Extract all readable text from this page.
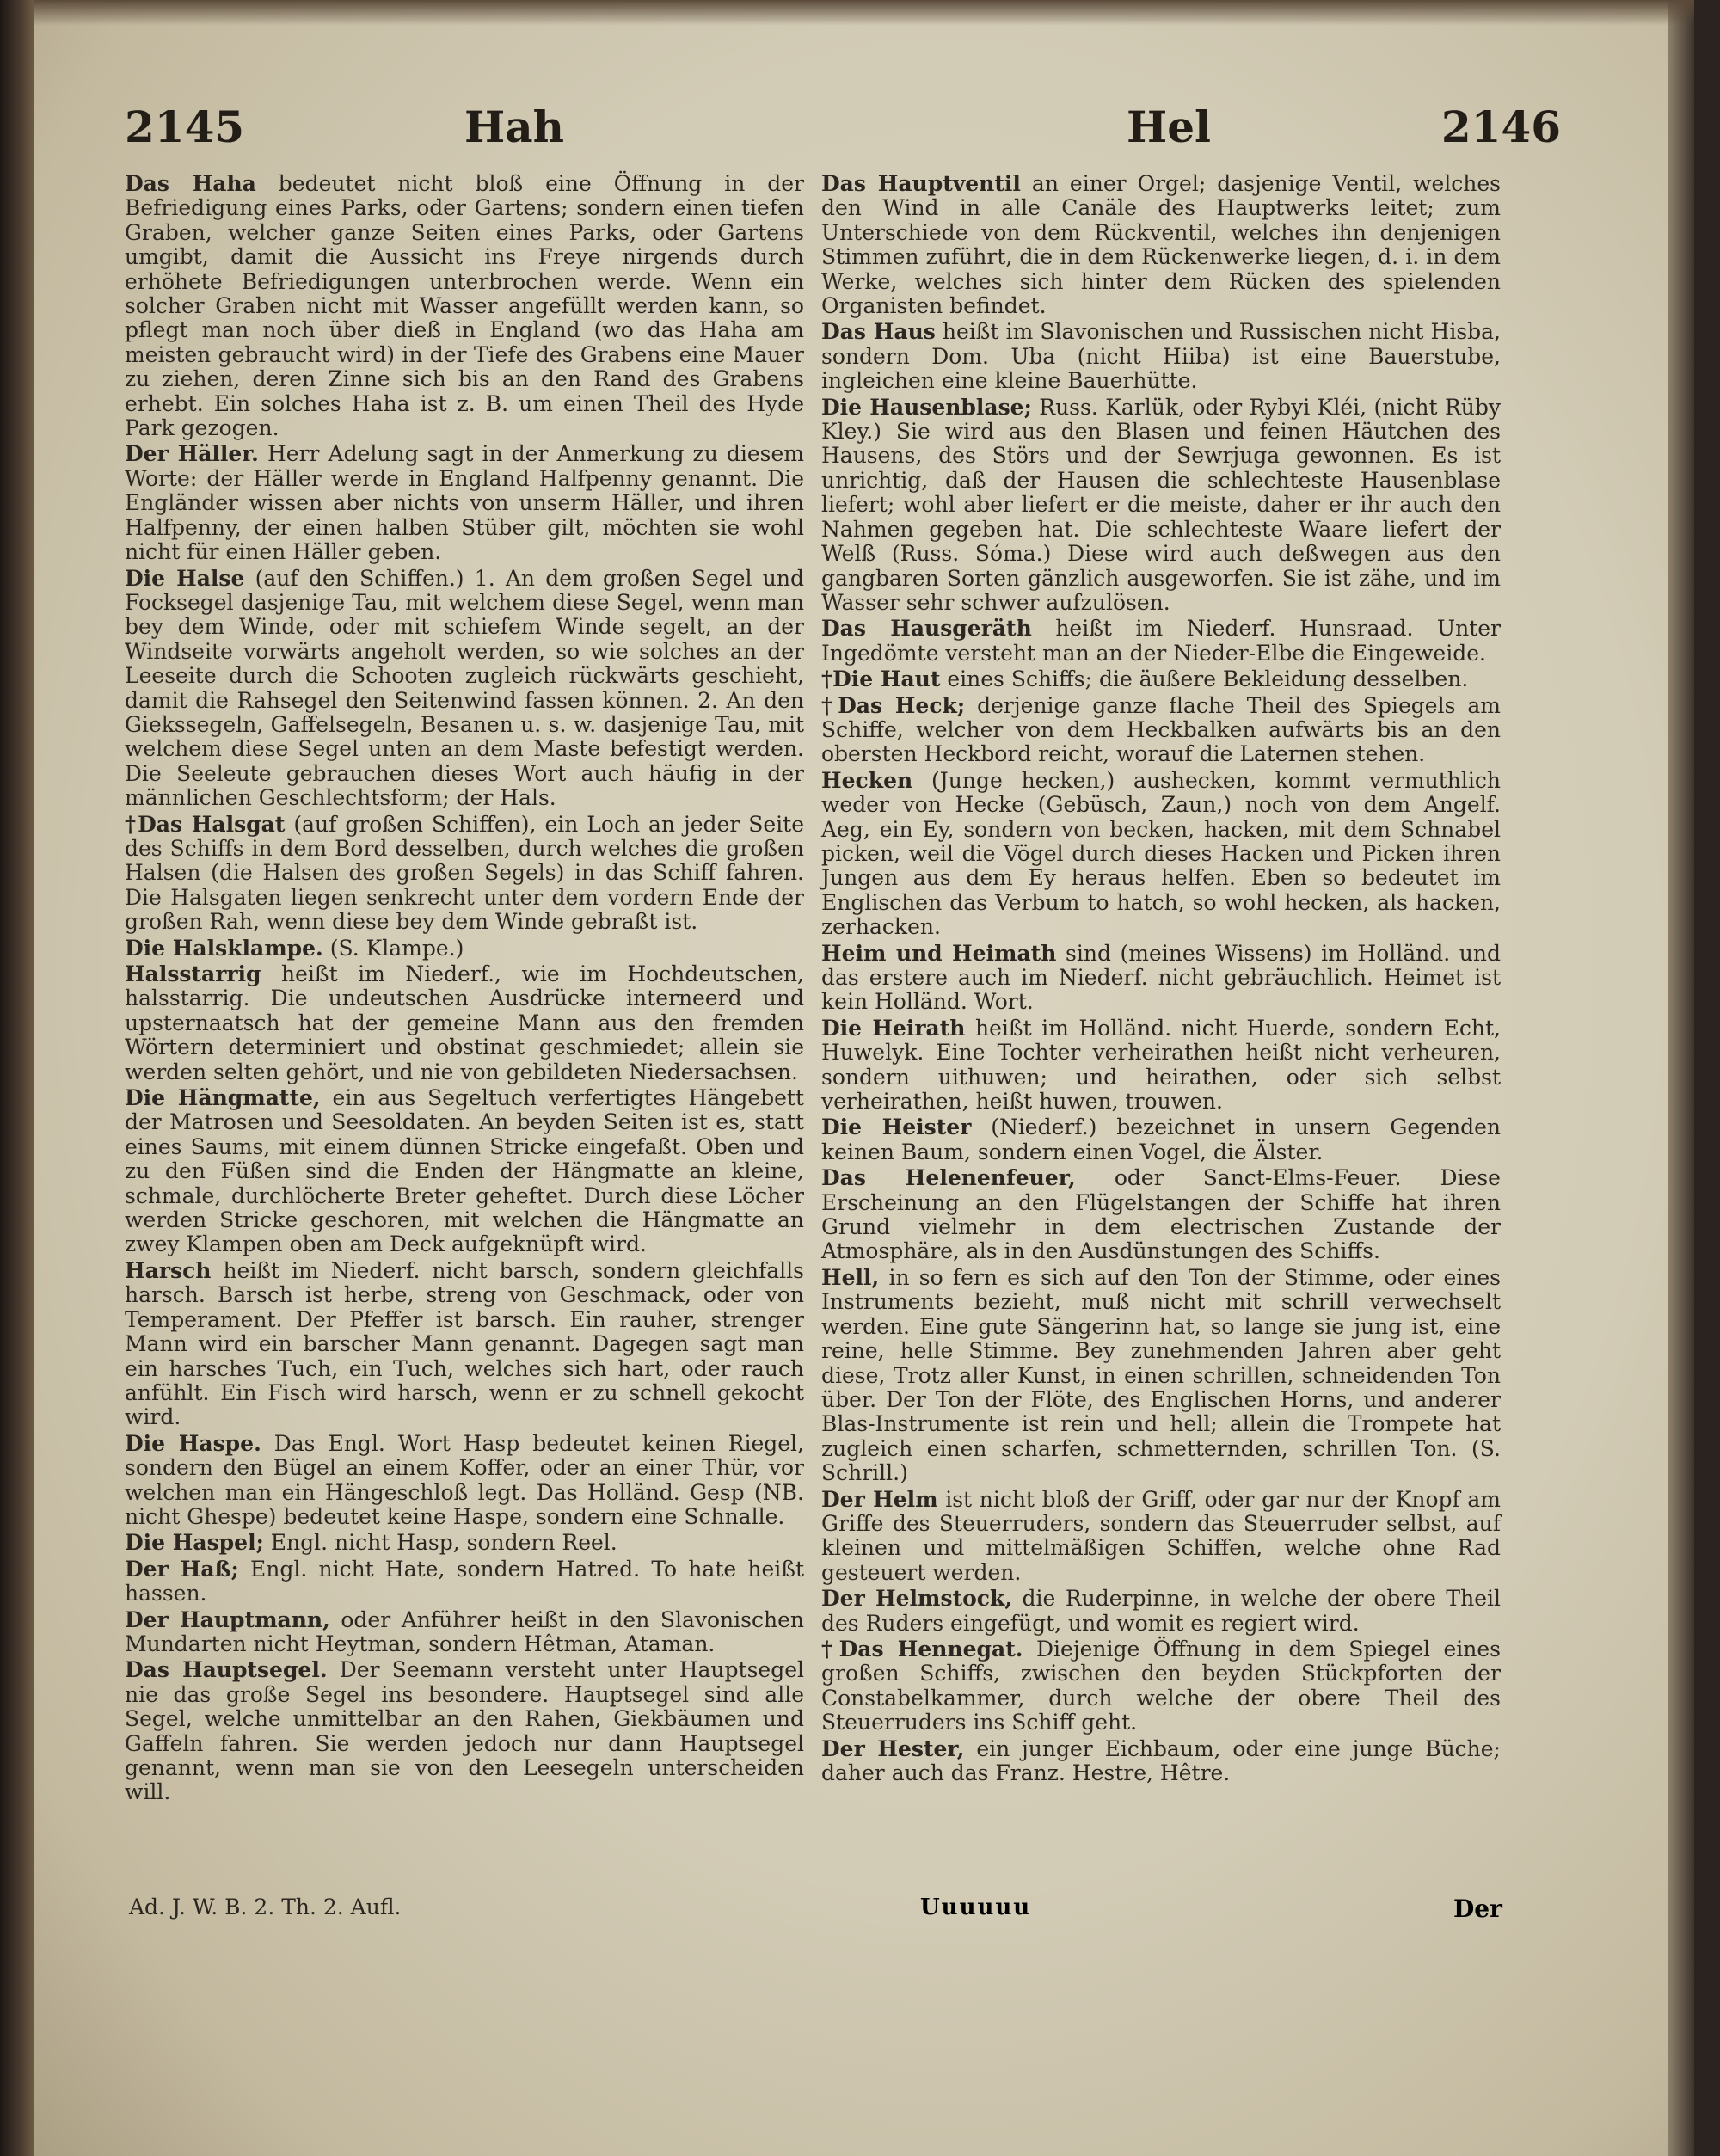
2145	Hah	Hel	2146

Das Haha bedeutet nicht bloß eine Öffnung in der Befriedigung eines Parks, oder Gartens; sondern einen tiefen Graben, welcher ganze Seiten eines Parks, oder Gartens umgibt, damit die Aussicht ins Freye nirgends durch erhöhete Befriedigungen unterbrochen werde. Wenn ein solcher Graben nicht mit Wasser angefüllt werden kann, so pflegt man noch über dieß in England (wo das Haha am meisten gebraucht wird) in der Tiefe des Grabens eine Mauer zu ziehen, deren Zinne sich bis an den Rand des Grabens erhebt. Ein solches Haha ist z. B. um einen Theil des Hyde Park gezogen.

Der Häller. Herr Adelung sagt in der Anmerkung zu diesem Worte: der Häller werde in England Halfpenny genannt. Die Engländer wissen aber nichts von unserm Häller, und ihren Halfpenny, der einen halben Stüber gilt, möchten sie wohl nicht für einen Häller geben.

Die Halse (auf den Schiffen.) 1. An dem großen Segel und Focksegel dasjenige Tau, mit welchem diese Segel, wenn man bey dem Winde, oder mit schiefem Winde segelt, an der Windseite vorwärts angeholt werden, so wie solches an der Leeseite durch die Schooten zugleich rückwärts geschieht, damit die Rahsegel den Seitenwind fassen können. 2. An den Giekssegeln, Gaffelsegeln, Besanen u. s. w. dasjenige Tau, mit welchem diese Segel unten an dem Maste befestigt werden. Die Seeleute gebrauchen dieses Wort auch häufig in der männlichen Geschlechtsform; der Hals.

†Das Halsgat (auf großen Schiffen), ein Loch an jeder Seite des Schiffs in dem Bord desselben, durch welches die großen Halsen (die Halsen des großen Segels) in das Schiff fahren. Die Halsgaten liegen senkrecht unter dem vordern Ende der großen Rah, wenn diese bey dem Winde gebraßt ist.

Die Halsklampe. (S. Klampe.)

Halsstarrig heißt im Niederf., wie im Hochdeutschen, halsstarrig. Die undeutschen Ausdrücke interneerd und upsternaatsch hat der gemeine Mann aus den fremden Wörtern determiniert und obstinat geschmiedet; allein sie werden selten gehört, und nie von gebildeten Niedersachsen.

Die Hängmatte, ein aus Segeltuch verfertigtes Hängebett der Matrosen und Seesoldaten. An beyden Seiten ist es, statt eines Saums, mit einem dünnen Stricke eingefaßt. Oben und zu den Füßen sind die Enden der Hängmatte an kleine, schmale, durchlöcherte Breter geheftet. Durch diese Löcher werden Stricke geschoren, mit welchen die Hängmatte an zwey Klampen oben am Deck aufgeknüpft wird.

Harsch heißt im Niederf. nicht barsch, sondern gleichfalls harsch. Barsch ist herbe, streng von Geschmack, oder von Temperament. Der Pfeffer ist barsch. Ein rauher, strenger Mann wird ein barscher Mann genannt. Dagegen sagt man ein harsches Tuch, ein Tuch, welches sich hart, oder rauch anfühlt. Ein Fisch wird harsch, wenn er zu schnell gekocht wird.

Die Haspe. Das Engl. Wort Hasp bedeutet keinen Riegel, sondern den Bügel an einem Koffer, oder an einer Thür, vor welchen man ein Hängeschloß legt. Das Holländ. Gesp (NB. nicht Ghespe) bedeutet keine Haspe, sondern eine Schnalle.

Die Haspel; Engl. nicht Hasp, sondern Reel.

Der Haß; Engl. nicht Hate, sondern Hatred. To hate heißt hassen.

Der Hauptmann, oder Anführer heißt in den Slavonischen Mundarten nicht Heytman, sondern Hêtman, Ataman.

Das Hauptsegel. Der Seemann versteht unter Hauptsegel nie das große Segel ins besondere. Hauptsegel sind alle Segel, welche unmittelbar an den Rahen, Giekbäumen und Gaffeln fahren. Sie werden jedoch nur dann Hauptsegel genannt, wenn man sie von den Leesegeln unterscheiden will.

Das Hauptventil an einer Orgel; dasjenige Ventil, welches den Wind in alle Canäle des Hauptwerks leitet; zum Unterschiede von dem Rückventil, welches ihn denjenigen Stimmen zuführt, die in dem Rückenwerke liegen, d. i. in dem Werke, welches sich hinter dem Rücken des spielenden Organisten befindet.

Das Haus heißt im Slavonischen und Russischen nicht Hisba, sondern Dom. Uba (nicht Hiiba) ist eine Bauerstube, ingleichen eine kleine Bauerhütte.

Die Hausenblase; Russ. Karlük, oder Rybyi Kléi, (nicht Rüby Kley.) Sie wird aus den Blasen und feinen Häutchen des Hausens, des Störs und der Sewrjuga gewonnen. Es ist unrichtig, daß der Hausen die schlechteste Hausenblase liefert; wohl aber liefert er die meiste, daher er ihr auch den Nahmen gegeben hat. Die schlechteste Waare liefert der Welß (Russ. Sóma.) Diese wird auch deßwegen aus den gangbaren Sorten gänzlich ausgeworfen. Sie ist zähe, und im Wasser sehr schwer aufzulösen.

Das Hausgeräth heißt im Niederf. Hunsraad. Unter Ingedömte versteht man an der Nieder-Elbe die Eingeweide.

†Die Haut eines Schiffs; die äußere Bekleidung desselben.

†Das Heck; derjenige ganze flache Theil des Spiegels am Schiffe, welcher von dem Heckbalken aufwärts bis an den obersten Heckbord reicht, worauf die Laternen stehen.

Hecken (Junge hecken,) aushecken, kommt vermuthlich weder von Hecke (Gebüsch, Zaun,) noch von dem Angelf. Aeg, ein Ey, sondern von becken, hacken, mit dem Schnabel picken, weil die Vögel durch dieses Hacken und Picken ihren Jungen aus dem Ey heraus helfen. Eben so bedeutet im Englischen das Verbum to hatch, so wohl hecken, als hacken, zerhacken.

Heim und Heimath sind (meines Wissens) im Holländ. und das erstere auch im Niederf. nicht gebräuchlich. Heimet ist kein Holländ. Wort.

Die Heirath heißt im Holländ. nicht Huerde, sondern Echt, Huwelyk. Eine Tochter verheirathen heißt nicht verheuren, sondern uithuwen; und heirathen, oder sich selbst verheirathen, heißt huwen, trouwen.

Die Heister (Niederf.) bezeichnet in unsern Gegenden keinen Baum, sondern einen Vogel, die Älster.

Das Helenenfeuer, oder Sanct-Elms-Feuer. Diese Erscheinung an den Flügelstangen der Schiffe hat ihren Grund vielmehr in dem electrischen Zustande der Atmosphäre, als in den Ausdünstungen des Schiffs.

Hell, in so fern es sich auf den Ton der Stimme, oder eines Instruments bezieht, muß nicht mit schrill verwechselt werden. Eine gute Sängerinn hat, so lange sie jung ist, eine reine, helle Stimme. Bey zunehmenden Jahren aber geht diese, Trotz aller Kunst, in einen schrillen, schneidenden Ton über. Der Ton der Flöte, des Englischen Horns, und anderer Blas-Instrumente ist rein und hell; allein die Trompete hat zugleich einen scharfen, schmetternden, schrillen Ton. (S. Schrill.)

Der Helm ist nicht bloß der Griff, oder gar nur der Knopf am Griffe des Steuerruders, sondern das Steuerruder selbst, auf kleinen und mittelmäßigen Schiffen, welche ohne Rad gesteuert werden.

Der Helmstock, die Ruderpinne, in welche der obere Theil des Ruders eingefügt, und womit es regiert wird.

†Das Hennegat. Diejenige Öffnung in dem Spiegel eines großen Schiffs, zwischen den beyden Stückpforten der Constabelkammer, durch welche der obere Theil des Steuerruders ins Schiff geht.

Der Hester, ein junger Eichbaum, oder eine junge Büche; daher auch das Franz. Hestre, Hêtre.

Ad. J. W. B. 2. Th. 2. Aufl.	Uuuuuu	Der
